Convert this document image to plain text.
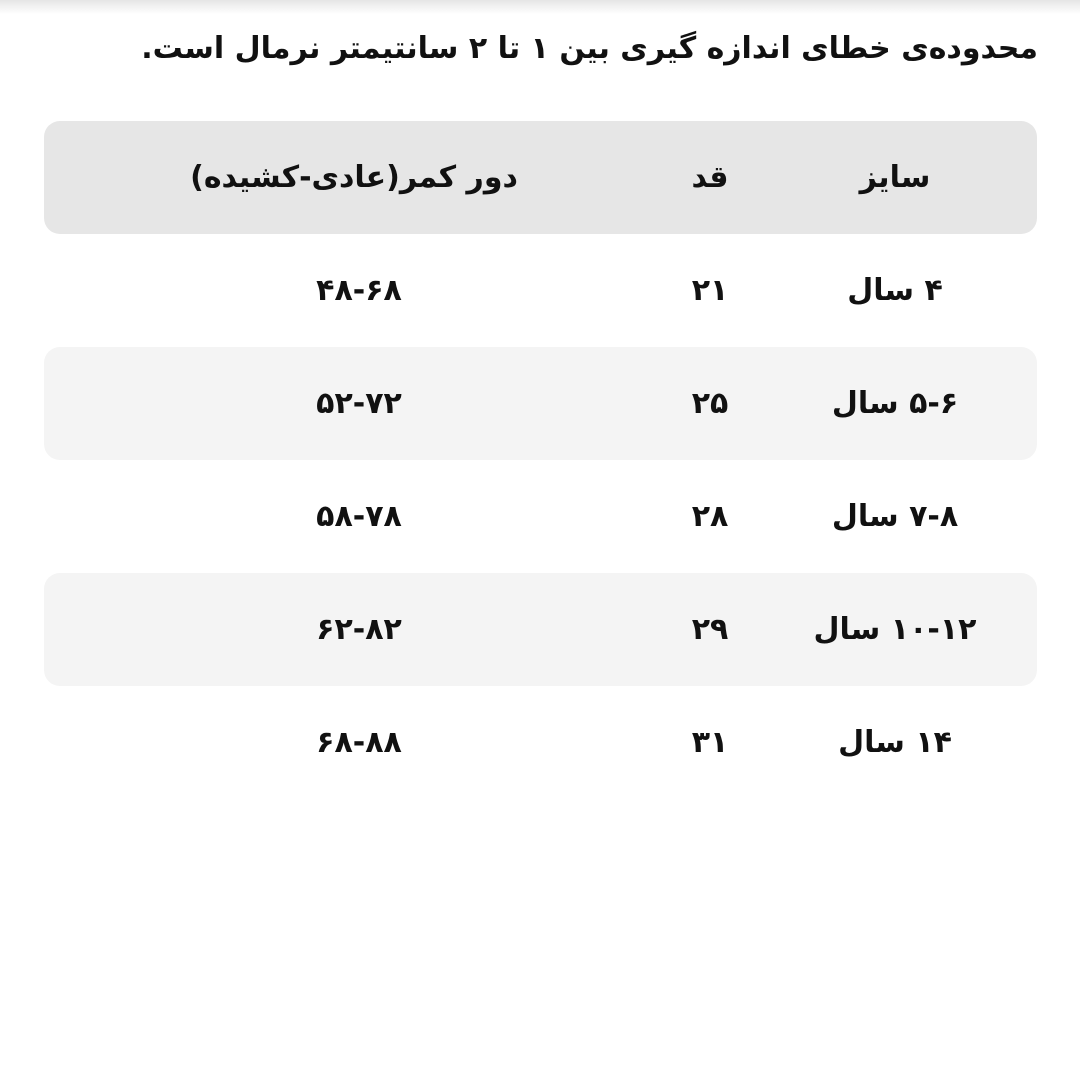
محدوده‌ی خطای اندازه گیری بین ۱ تا ۲ سانتیمتر نرمال است.
سایز
قد
دور کمر(عادی-کشیده)
۴ سال
۲۱
۴۸-۶۸
۵-۶ سال
۲۵
۵۲-۷۲
۷-۸ سال
۲۸
۵۸-۷۸
۱۰-۱۲ سال
۲۹
۶۲-۸۲
۱۴ سال
۳۱
۶۸-۸۸
